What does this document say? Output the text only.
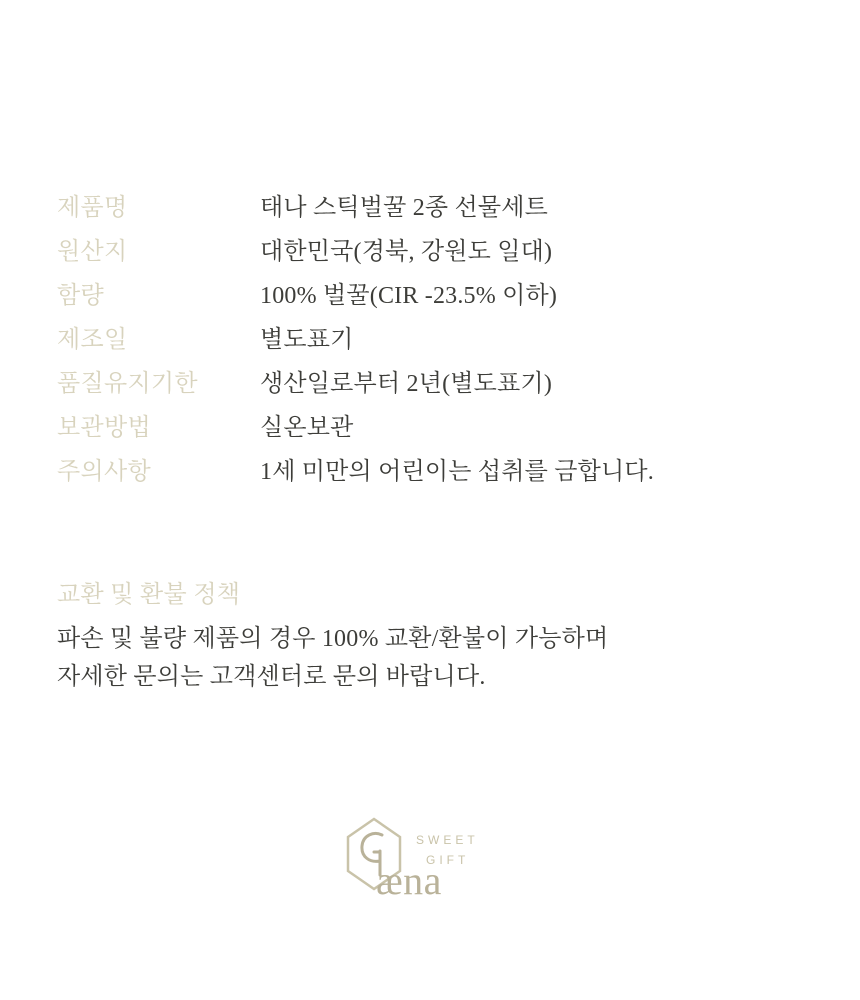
제품명	태나 스틱벌꿀 2종 선물세트
원산지	대한민국(경북, 강원도 일대)
함량	100% 벌꿀(CIR -23.5% 이하)
제조일	별도표기
품질유지기한	생산일로부터 2년(별도표기)
보관방법	실온보관
주의사항	1세 미만의 어린이는 섭취를 금합니다.
교환 및 환불 정책
파손 및 불량 제품의 경우 100% 교환/환불이 가능하며
자세한 문의는 고객센터로 문의 바랍니다.
SWEET
GIFT
æna
